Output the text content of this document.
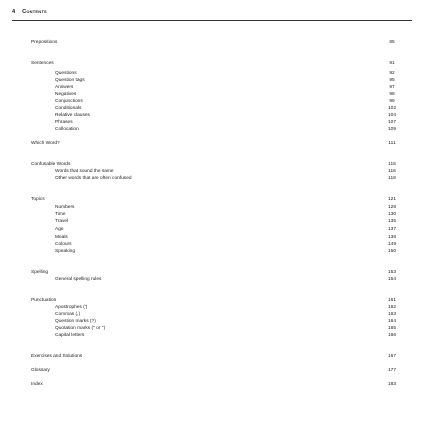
4 Contents
Prepositions	85
Sentences	91
Questions	92
Question tags	95
Answers	97
Negatives	98
Conjunctions	99
Conditionals	102
Relative clauses	104
Phrases	107
Collocation	109
Which Word?	111
Confusable Words	115
Words that sound the same	116
Other words that are often confused	118
Topics	121
Numbers	128
Time	130
Travel	135
Age	137
Meals	138
Colours	149
Speaking	150
Spelling	153
General spelling rules	154
Punctuation	161
Apostrophes (')	162
Commas (,)	163
Question marks (?)	164
Quotation marks (" or '')	165
Capital letters	166
Exercises and Solutions	167
Glossary	177
Index	183
